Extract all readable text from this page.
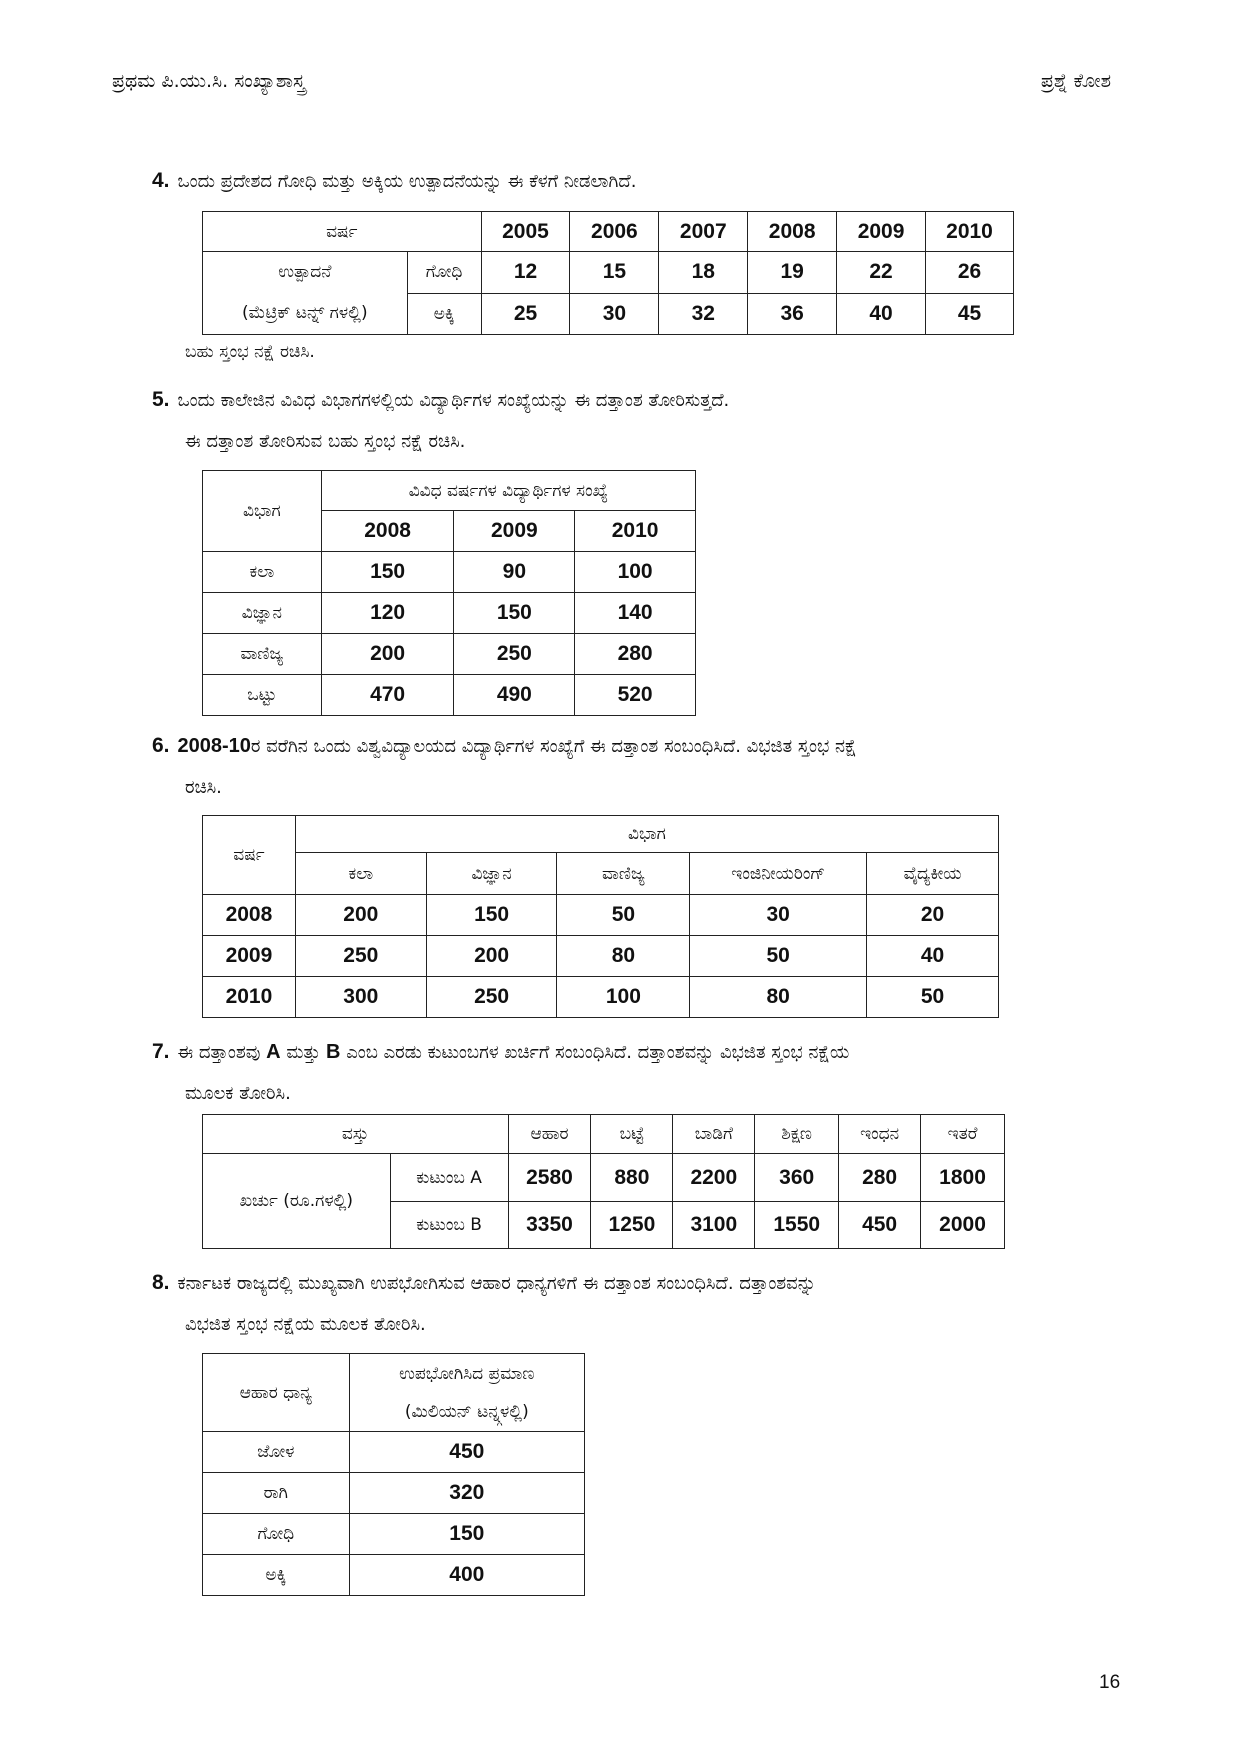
ಪ್ರಥಮ ಪಿ.ಯು.ಸಿ. ಸಂಖ್ಯಾಶಾಸ್ತ್ರ	ಪ್ರಶ್ನೆ ಕೋಶ
4. ಒಂದು ಪ್ರದೇಶದ ಗೋಧಿ ಮತ್ತು ಅಕ್ಕಿಯ ಉತ್ಪಾದನೆಯನ್ನು ಈ ಕೆಳಗೆ ನೀಡಲಾಗಿದೆ.
ವರ್ಷ		2005	2006	2007	2008	2009	2010

ಉತ್ಪಾದನೆ
(ಮೆಟ್ರಿಕ್ ಟನ್ನ್ ಗಳಲ್ಲಿ)	ಗೋಧಿ	12	15	18	19	22	26
	ಅಕ್ಕಿ	25	30	32	36	40	45
ಬಹು ಸ್ತಂಭ ನಕ್ಷೆ ರಚಿಸಿ.
5. ಒಂದು ಕಾಲೇಜಿನ ವಿವಿಧ ವಿಭಾಗಗಳಲ್ಲಿಯ ವಿದ್ಯಾರ್ಥಿಗಳ ಸಂಖ್ಯೆಯನ್ನು ಈ ದತ್ತಾಂಶ ತೋರಿಸುತ್ತದೆ.
ಈ ದತ್ತಾಂಶ ತೋರಿಸುವ ಬಹು ಸ್ತಂಭ ನಕ್ಷೆ ರಚಿಸಿ.
ವಿಭಾಗ	ವಿವಿಧ ವರ್ಷಗಳ ವಿದ್ಯಾರ್ಥಿಗಳ ಸಂಖ್ಯೆ		
	2008	2009	2010
ಕಲಾ	150	90	100
ವಿಜ್ಞಾನ	120	150	140
ವಾಣಿಜ್ಯ	200	250	280
ಒಟ್ಟು	470	490	520
6. 2008-10ರ ವರೆಗಿನ ಒಂದು ವಿಶ್ವವಿದ್ಯಾಲಯದ ವಿದ್ಯಾರ್ಥಿಗಳ ಸಂಖ್ಯೆಗೆ ಈ ದತ್ತಾಂಶ ಸಂಬಂಧಿಸಿದೆ. ವಿಭಜಿತ ಸ್ತಂಭ ನಕ್ಷೆ
ರಚಿಸಿ.
ವರ್ಷ	ವಿಭಾಗ				
	ಕಲಾ	ವಿಜ್ಞಾನ	ವಾಣಿಜ್ಯ	ಇಂಜಿನೀಯರಿಂಗ್	ವೈದ್ಯಕೀಯ
2008	200	150	50	30	20
2009	250	200	80	50	40
2010	300	250	100	80	50
7. ಈ ದತ್ತಾಂಶವು A ಮತ್ತು B ಎಂಬ ಎರಡು ಕುಟುಂಬಗಳ ಖರ್ಚಿಗೆ ಸಂಬಂಧಿಸಿದೆ. ದತ್ತಾಂಶವನ್ನು ವಿಭಜಿತ ಸ್ತಂಭ ನಕ್ಷೆಯ
ಮೂಲಕ ತೋರಿಸಿ.
ವಸ್ತು		ಆಹಾರ	ಬಟ್ಟೆ	ಬಾಡಿಗೆ	ಶಿಕ್ಷಣ	ಇಂಧನ	ಇತರೆ
ಖರ್ಚು (ರೂ.ಗಳಲ್ಲಿ)	ಕುಟುಂಬ A	2580	880	2200	360	280	1800
	ಕುಟುಂಬ B	3350	1250	3100	1550	450	2000
8. ಕರ್ನಾಟಕ ರಾಜ್ಯದಲ್ಲಿ ಮುಖ್ಯವಾಗಿ ಉಪಭೋಗಿಸುವ ಆಹಾರ ಧಾನ್ಯಗಳಿಗೆ ಈ ದತ್ತಾಂಶ ಸಂಬಂಧಿಸಿದೆ. ದತ್ತಾಂಶವನ್ನು
ವಿಭಜಿತ ಸ್ತಂಭ ನಕ್ಷೆಯ ಮೂಲಕ ತೋರಿಸಿ.
ಆಹಾರ ಧಾನ್ಯ	ಉಪಭೋಗಿಸಿದ ಪ್ರಮಾಣ
(ಮಿಲಿಯನ್ ಟನ್ನ್ಗಳಲ್ಲಿ)

ಜೋಳ	450
ರಾಗಿ	320
ಗೋಧಿ	150
ಅಕ್ಕಿ	400
16
